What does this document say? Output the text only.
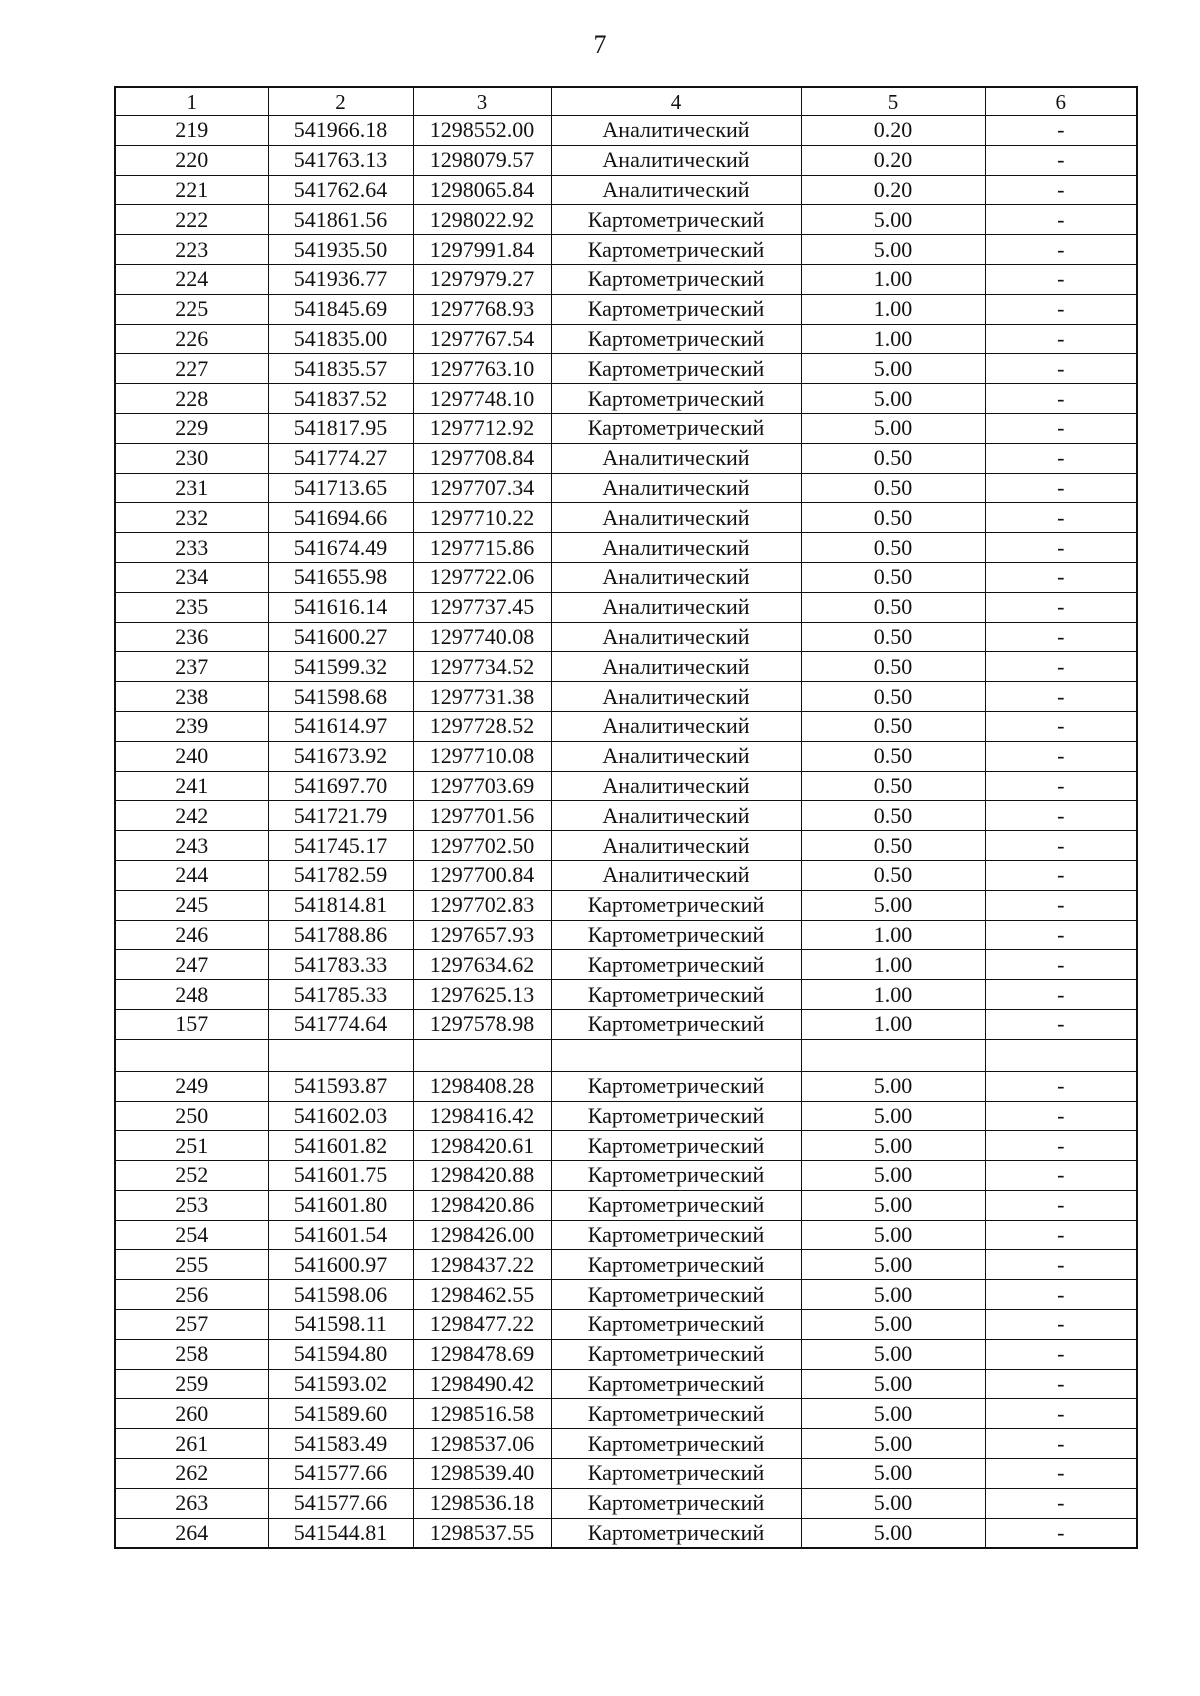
7
1	2	3	4	5	6
219	541966.18	1298552.00	Аналитический	0.20	-
220	541763.13	1298079.57	Аналитический	0.20	-
221	541762.64	1298065.84	Аналитический	0.20	-
222	541861.56	1298022.92	Картометрический	5.00	-
223	541935.50	1297991.84	Картометрический	5.00	-
224	541936.77	1297979.27	Картометрический	1.00	-
225	541845.69	1297768.93	Картометрический	1.00	-
226	541835.00	1297767.54	Картометрический	1.00	-
227	541835.57	1297763.10	Картометрический	5.00	-
228	541837.52	1297748.10	Картометрический	5.00	-
229	541817.95	1297712.92	Картометрический	5.00	-
230	541774.27	1297708.84	Аналитический	0.50	-
231	541713.65	1297707.34	Аналитический	0.50	-
232	541694.66	1297710.22	Аналитический	0.50	-
233	541674.49	1297715.86	Аналитический	0.50	-
234	541655.98	1297722.06	Аналитический	0.50	-
235	541616.14	1297737.45	Аналитический	0.50	-
236	541600.27	1297740.08	Аналитический	0.50	-
237	541599.32	1297734.52	Аналитический	0.50	-
238	541598.68	1297731.38	Аналитический	0.50	-
239	541614.97	1297728.52	Аналитический	0.50	-
240	541673.92	1297710.08	Аналитический	0.50	-
241	541697.70	1297703.69	Аналитический	0.50	-
242	541721.79	1297701.56	Аналитический	0.50	-
243	541745.17	1297702.50	Аналитический	0.50	-
244	541782.59	1297700.84	Аналитический	0.50	-
245	541814.81	1297702.83	Картометрический	5.00	-
246	541788.86	1297657.93	Картометрический	1.00	-
247	541783.33	1297634.62	Картометрический	1.00	-
248	541785.33	1297625.13	Картометрический	1.00	-
157	541774.64	1297578.98	Картометрический	1.00	-

249	541593.87	1298408.28	Картометрический	5.00	-
250	541602.03	1298416.42	Картометрический	5.00	-
251	541601.82	1298420.61	Картометрический	5.00	-
252	541601.75	1298420.88	Картометрический	5.00	-
253	541601.80	1298420.86	Картометрический	5.00	-
254	541601.54	1298426.00	Картометрический	5.00	-
255	541600.97	1298437.22	Картометрический	5.00	-
256	541598.06	1298462.55	Картометрический	5.00	-
257	541598.11	1298477.22	Картометрический	5.00	-
258	541594.80	1298478.69	Картометрический	5.00	-
259	541593.02	1298490.42	Картометрический	5.00	-
260	541589.60	1298516.58	Картометрический	5.00	-
261	541583.49	1298537.06	Картометрический	5.00	-
262	541577.66	1298539.40	Картометрический	5.00	-
263	541577.66	1298536.18	Картометрический	5.00	-
264	541544.81	1298537.55	Картометрический	5.00	-
